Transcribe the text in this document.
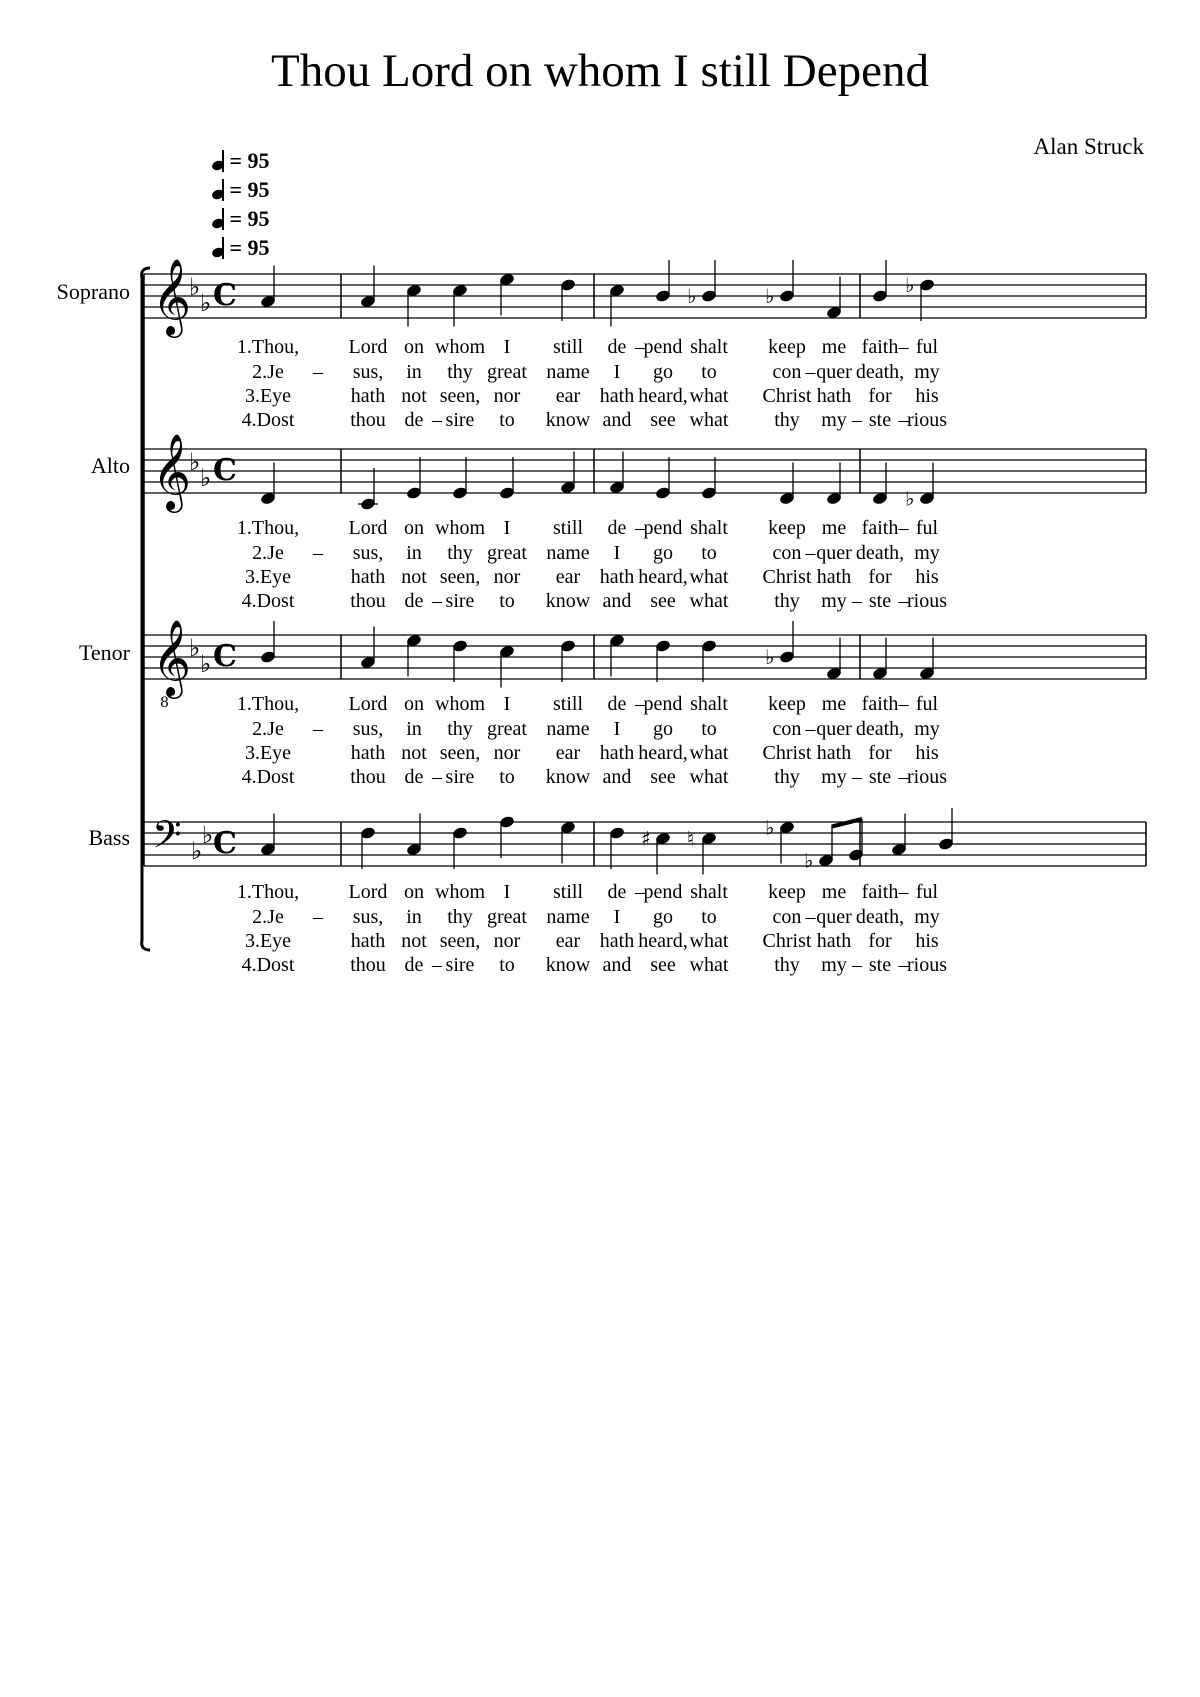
Thou Lord on whom I still Depend
Alan Struck
= 95
= 95
= 95
= 95
Soprano
Alto
Tenor
Bass
𝄞
♭
♭ C	♭	♭	♭
𝄞
♭
♭ C
♭
𝄞
8
♭
♭ C	♭
𝄢 ♭
♭ C	♯ ♮	♭
♭
1.Thou, Lord on whom I still de –
pend shalt keep me faith – ful
2.Je – sus, in thy great name I go to	con – quer death, my
3.Eye	hath not seen, nor ear hath heard, what Christ hath for his
4.Dost	thou de – sire to know and see what thy my – ste –
rious
1.Thou, Lord on whom I still de –
pend shalt keep me faith – ful
2.Je – sus, in thy great name I go to	con – quer death, my
3.Eye	hath not seen, nor ear hath heard, what Christ hath for his
4.Dost	thou de – sire to know and see what thy my – ste –
rious
1.Thou, Lord on whom I still de –
pend shalt keep me faith – ful
2.Je – sus, in thy great name I go to	con – quer death, my
3.Eye	hath not seen, nor ear hath heard, what Christ hath for his
4.Dost	thou de – sire to know and see what thy my – ste –
rious
1.Thou, Lord on whom I still de –
pend shalt keep me faith – ful
2.Je – sus, in thy great name I go to	con – quer death, my
3.Eye	hath not seen, nor ear hath heard, what Christ hath for his
4.Dost	thou de – sire to know and see what thy my – ste –
rious
